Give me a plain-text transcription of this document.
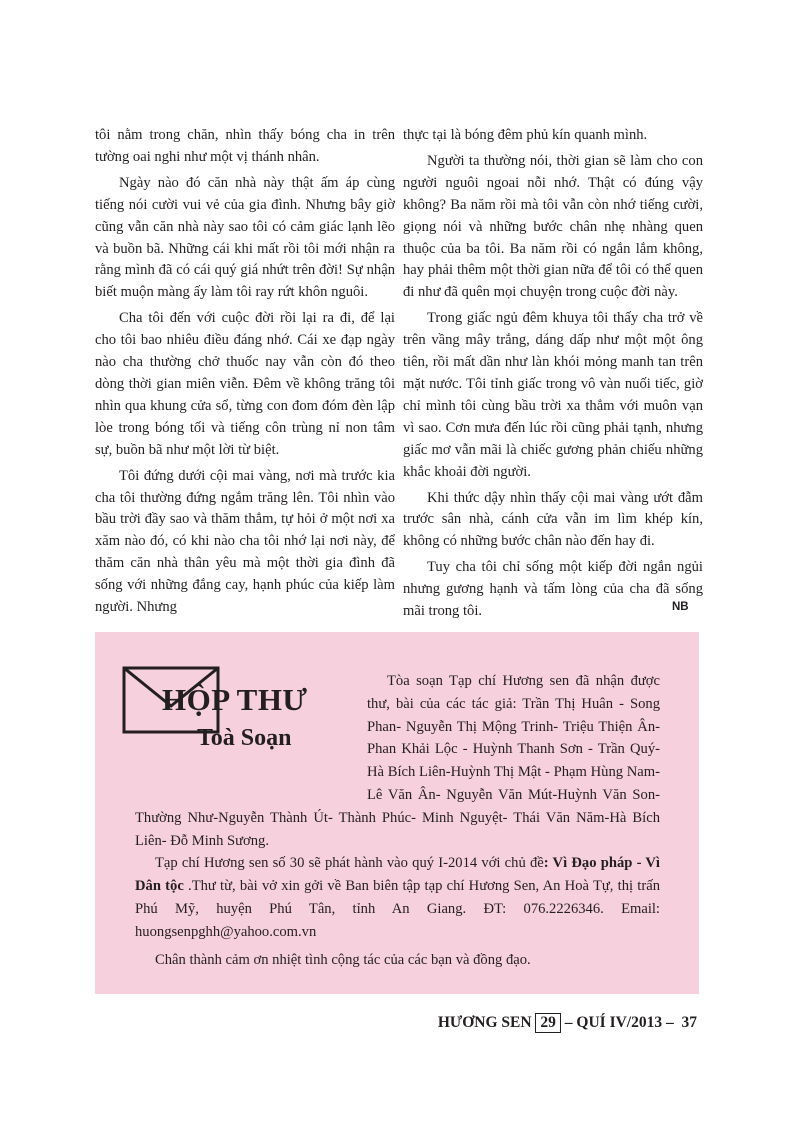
tôi nằm trong chăn, nhìn thấy bóng cha in trên tường oai nghi như một vị thánh nhân.

Ngày nào đó căn nhà này thật ấm áp cùng tiếng nói cười vui vẻ của gia đình. Nhưng bây giờ cũng vẫn căn nhà này sao tôi có cảm giác lạnh lẽo và buồn bã. Những cái khi mất rồi tôi mới nhận ra rằng mình đã có cái quý giá nhứt trên đời! Sự nhận biết muộn màng ấy làm tôi ray rứt khôn nguôi.

Cha tôi đến với cuộc đời rồi lại ra đi, để lại cho tôi bao nhiêu điều đáng nhớ. Cái xe đạp ngày nào cha thường chở thuốc nay vẫn còn đó theo dòng thời gian miên viễn. Đêm về không trăng tôi nhìn qua khung cửa sổ, từng con đom đóm đèn lập lòe trong bóng tối và tiếng côn trùng nỉ non tâm sự, buồn bã như một lời từ biệt.

Tôi đứng dưới cội mai vàng, nơi mà trước kia cha tôi thường đứng ngắm trăng lên. Tôi nhìn vào bầu trời đầy sao và thăm thẳm, tự hỏi ở một nơi xa xăm nào đó, có khi nào cha tôi nhớ lại nơi này, để thăm căn nhà thân yêu mà một thời gia đình đã sống với những đắng cay, hạnh phúc của kiếp làm người. Nhưng

thực tại là bóng đêm phủ kín quanh mình.

Người ta thường nói, thời gian sẽ làm cho con người nguôi ngoai nỗi nhớ. Thật có đúng vậy không? Ba năm rồi mà tôi vẫn còn nhớ tiếng cười, giọng nói và những bước chân nhẹ nhàng quen thuộc của ba tôi. Ba năm rồi có ngắn lắm không, hay phải thêm một thời gian nữa để tôi có thể quen đi như đã quên mọi chuyện trong cuộc đời này.

Trong giấc ngủ đêm khuya tôi thấy cha trở về trên vầng mây trắng, dáng dấp như một một ông tiên, rồi mất dần như làn khói mỏng manh tan trên mặt nước. Tôi tỉnh giấc trong vô vàn nuối tiếc, giờ chỉ mình tôi cùng bầu trời xa thẳm với muôn vạn vì sao. Cơn mưa đến lúc rồi cũng phải tạnh, nhưng giấc mơ vẫn mãi là chiếc gương phản chiếu những khắc khoải đời người.

Khi thức dậy nhìn thấy cội mai vàng ướt đẫm trước sân nhà, cánh cửa vẫn im lìm khép kín, không có những bước chân nào đến hay đi.

Tuy cha tôi chỉ sống một kiếp đời ngắn ngủi nhưng gương hạnh và tấm lòng của cha đã sống mãi trong tôi.	NB
HỘP THƯ
Toà Soạn

Tòa soạn Tạp chí Hương sen đã nhận được thư, bài của các tác giả: Trần Thị Huân - Song Phan- Nguyễn Thị Mộng Trinh- Triệu Thiện Ân- Phan Khải Lộc - Huỳnh Thanh Sơn - Trần Quý-Hà Bích Liên-Huỳnh Thị Mật - Phạm Hùng Nam- Lê Văn Ân- Nguyễn Văn Mút-Huỳnh Văn Son- Thường Như-Nguyễn Thành Út- Thành Phúc- Minh Nguyệt- Thái Văn Năm-Hà Bích Liên- Đỗ Minh Sương.

Tạp chí Hương sen số 30 sẽ phát hành vào quý I-2014 với chủ đề: Vì Đạo pháp - Vì Dân tộc .Thư từ, bài vở xin gởi về Ban biên tập tạp chí Hương Sen, An Hoà Tự, thị trấn Phú Mỹ, huyện Phú Tân, tỉnh An Giang. ĐT: 076.2226346. Email: huongsenpghh@yahoo.com.vn

Chân thành cảm ơn nhiệt tình cộng tác của các bạn và đồng đạo.

HƯƠNG SEN 29 – QUÍ IV/2013 – 37
